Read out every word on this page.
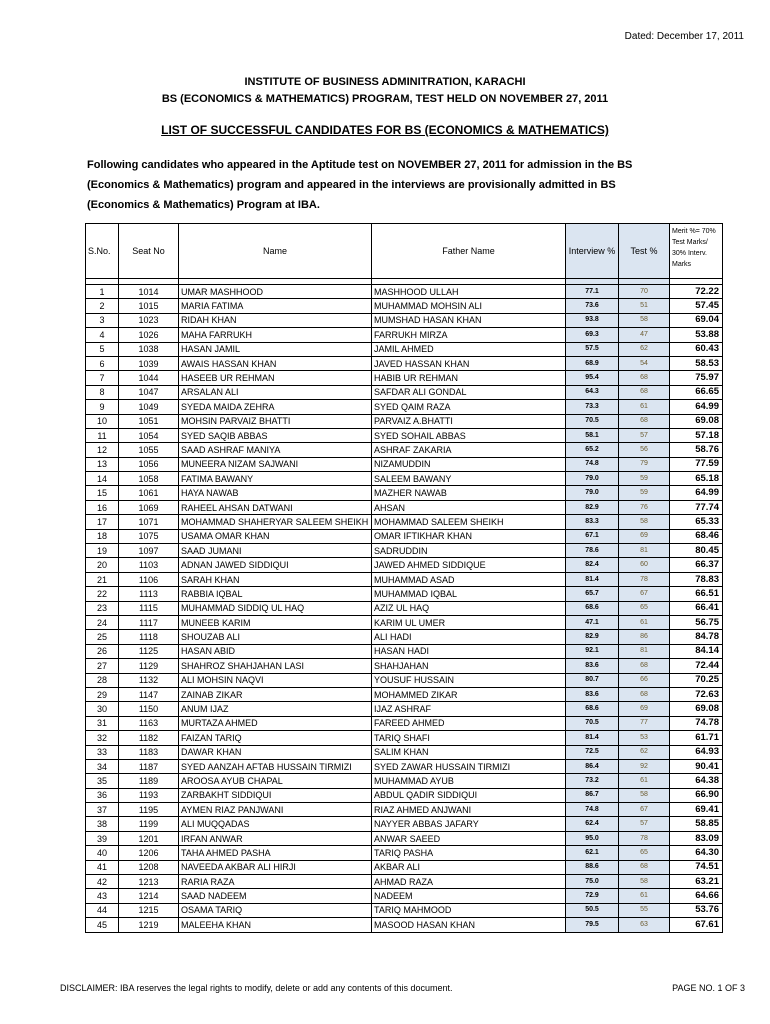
Dated: December 17, 2011
INSTITUTE OF BUSINESS ADMINITRATION, KARACHI
BS (ECONOMICS & MATHEMATICS) PROGRAM, TEST HELD ON NOVEMBER 27, 2011
LIST OF SUCCESSFUL CANDIDATES FOR BS (ECONOMICS & MATHEMATICS)
Following candidates who appeared in the Aptitude test on NOVEMBER 27, 2011 for admission in the BS (Economics & Mathematics) program and appeared in the interviews are provisionally admitted in BS (Economics & Mathematics) Program at IBA.
S.No.	Seat No	Name	Father Name	Interview %	Test %	Merit %= 70% Test Marks/ 30% Interv. Marks

1	1014	UMAR MASHHOOD	MASHHOOD ULLAH	77.1	70	72.22
2	1015	MARIA FATIMA	MUHAMMAD MOHSIN ALI	73.6	51	57.45
3	1023	RIDAH KHAN	MUMSHAD HASAN KHAN	93.8	58	69.04
4	1026	MAHA FARRUKH	FARRUKH MIRZA	69.3	47	53.88
5	1038	HASAN JAMIL	JAMIL AHMED	57.5	62	60.43
6	1039	AWAIS HASSAN KHAN	JAVED HASSAN KHAN	68.9	54	58.53
7	1044	HASEEB UR REHMAN	HABIB UR REHMAN	95.4	68	75.97
8	1047	ARSALAN ALI	SAFDAR ALI GONDAL	64.3	68	66.65
9	1049	SYEDA MAIDA ZEHRA	SYED QAIM RAZA	73.3	61	64.99
10	1051	MOHSIN PARVAIZ BHATTI	PARVAIZ A.BHATTI	70.5	68	69.08
11	1054	SYED SAQIB ABBAS	SYED SOHAIL ABBAS	58.1	57	57.18
12	1055	SAAD ASHRAF MANIYA	ASHRAF ZAKARIA	65.2	56	58.76
13	1056	MUNEERA NIZAM SAJWANI	NIZAMUDDIN	74.8	79	77.59
14	1058	FATIMA BAWANY	SALEEM BAWANY	79.0	59	65.18
15	1061	HAYA NAWAB	MAZHER NAWAB	79.0	59	64.99
16	1069	RAHEEL AHSAN DATWANI	AHSAN	82.9	76	77.74
17	1071	MOHAMMAD SHAHERYAR SALEEM SHEIKH	MOHAMMAD SALEEM SHEIKH	83.3	58	65.33
18	1075	USAMA OMAR KHAN	OMAR IFTIKHAR KHAN	67.1	69	68.46
19	1097	SAAD JUMANI	SADRUDDIN	78.6	81	80.45
20	1103	ADNAN JAWED SIDDIQUI	JAWED AHMED SIDDIQUE	82.4	60	66.37
21	1106	SARAH KHAN	MUHAMMAD ASAD	81.4	78	78.83
22	1113	RABBIA IQBAL	MUHAMMAD IQBAL	65.7	67	66.51
23	1115	MUHAMMAD SIDDIQ UL HAQ	AZIZ UL HAQ	68.6	65	66.41
24	1117	MUNEEB KARIM	KARIM UL UMER	47.1	61	56.75
25	1118	SHOUZAB ALI	ALI HADI	82.9	86	84.78
26	1125	HASAN ABID	HASAN HADI	92.1	81	84.14
27	1129	SHAHROZ SHAHJAHAN LASI	SHAHJAHAN	83.6	68	72.44
28	1132	ALI MOHSIN NAQVI	YOUSUF HUSSAIN	80.7	66	70.25
29	1147	ZAINAB ZIKAR	MOHAMMED ZIKAR	83.6	68	72.63
30	1150	ANUM IJAZ	IJAZ ASHRAF	68.6	69	69.08
31	1163	MURTAZA AHMED	FAREED AHMED	70.5	77	74.78
32	1182	FAIZAN TARIQ	TARIQ SHAFI	81.4	53	61.71
33	1183	DAWAR KHAN	SALIM KHAN	72.5	62	64.93
34	1187	SYED AANZAH AFTAB HUSSAIN TIRMIZI	SYED ZAWAR HUSSAIN TIRMIZI	86.4	92	90.41
35	1189	AROOSA AYUB CHAPAL	MUHAMMAD AYUB	73.2	61	64.38
36	1193	ZARBAKHT SIDDIQUI	ABDUL QADIR SIDDIQUI	86.7	58	66.90
37	1195	AYMEN RIAZ PANJWANI	RIAZ AHMED ANJWANI	74.8	67	69.41
38	1199	ALI MUQQADAS	NAYYER ABBAS JAFARY	62.4	57	58.85
39	1201	IRFAN ANWAR	ANWAR SAEED	95.0	78	83.09
40	1206	TAHA AHMED PASHA	TARIQ PASHA	62.1	65	64.30
41	1208	NAVEEDA AKBAR ALI HIRJI	AKBAR ALI	88.6	68	74.51
42	1213	RARIA RAZA	AHMAD RAZA	75.0	58	63.21
43	1214	SAAD NADEEM	NADEEM	72.9	61	64.66
44	1215	OSAMA TARIQ	TARIQ MAHMOOD	50.5	55	53.76
45	1219	MALEEHA KHAN	MASOOD HASAN KHAN	79.5	63	67.61
DISCLAIMER: IBA reserves the legal rights to modify, delete or add any contents of this document.	PAGE NO. 1 OF 3
